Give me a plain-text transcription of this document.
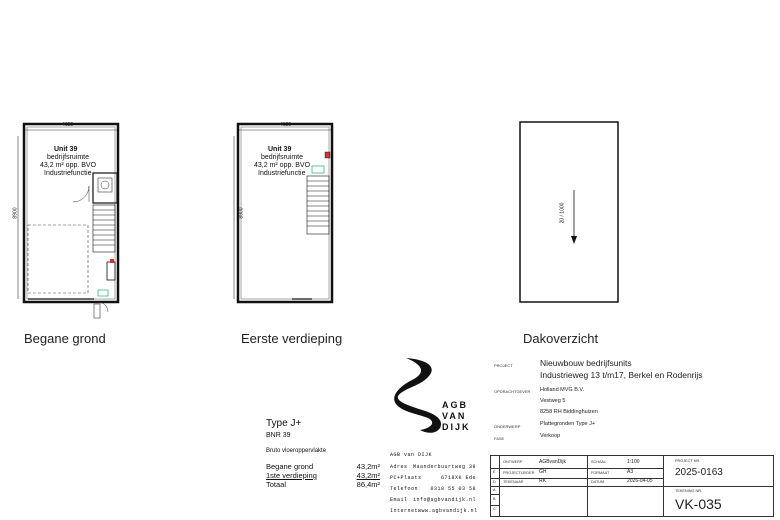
4625
8900
Unit 39
bedrijfsruimte
43,2 m² opp. BVO
Industriefunctie
Begane grond
4625
8900
Unit 39
bedrijfsruimte
43,2 m² opp. BVO
Industriefunctie
Eerste verdieping
20 / 1000
Dakoverzicht
AGB
VAN
DIJK
Type J+
BNR 39
Bruto vloeroppervlakte
Begane grond	43,2m²
1ste verdieping	43,2m²
Totaal	86,4m²
AGB van DIJK
Adres Maanderbuurtweg 39
PC+Plaats	6718XK Ede
Telefoon 0318 55 03 58
Email info@agbvandijk.nl
Internet www.agbvandijk.nl
PROJECT	Nieuwbouw bedrijfsunits
Industrieweg 13 t/m17, Berkel en Rodenrijs
OPDRACHTGEVER Holland MVG B.V.
Vestweg 5
8258 RH Biddinghuizen
ONDERWERP	Plattegronden Type J+
FASE	Verkoop
A
B
C
D
E
ONTWERP	AGBvanDijk
PROJECTLEIDER GH
TEKENAAR	RK
SCHAAL	1:100
FORMAAT	A3
DATUM	2026-04-05
PROJECT NR.
2025-0163
TEKENING NR.
VK-035
